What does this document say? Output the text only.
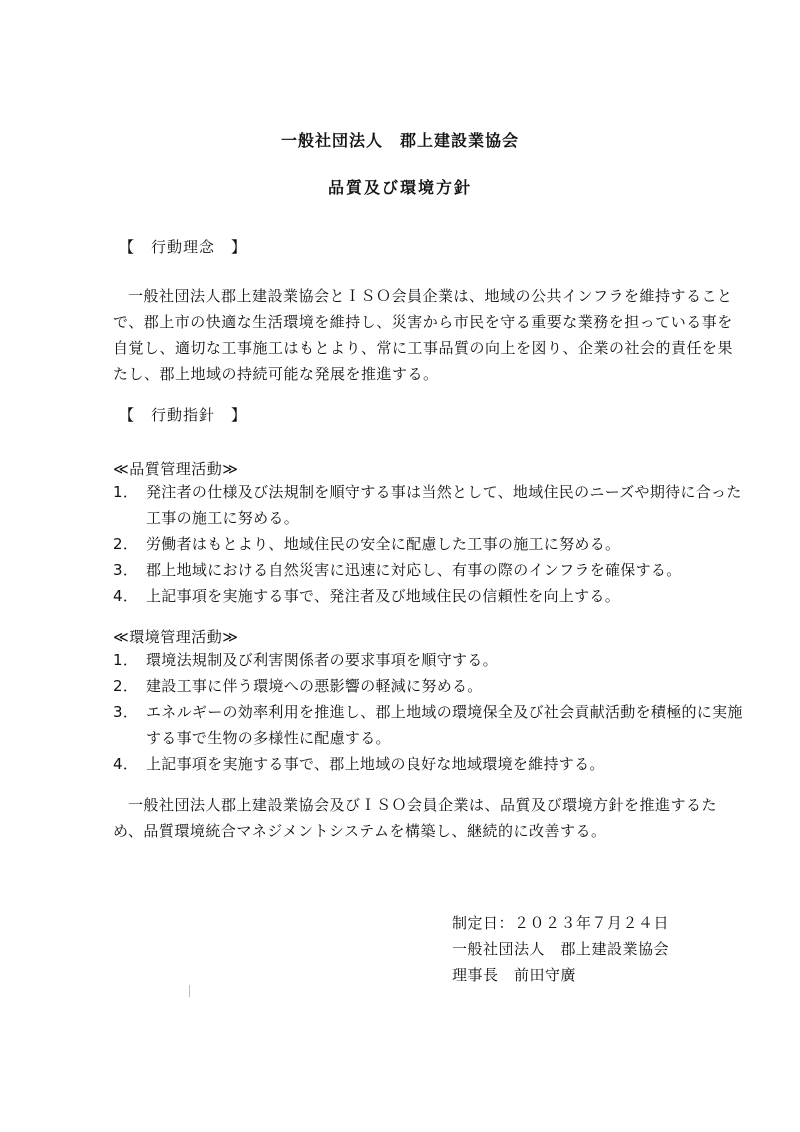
一般社団法人　郡上建設業協会
品質及び環境方針
【　行動理念　】

一般社団法人郡上建設業協会とＩＳＯ会員企業は、地域の公共インフラを維持することで、郡上市の快適な生活環境を維持し、災害から市民を守る重要な業務を担っている事を自覚し、適切な工事施工はもとより、常に工事品質の向上を図り、企業の社会的責任を果たし、郡上地域の持続可能な発展を推進する。

【　行動指針　】
≪品質管理活動≫
1． 発注者の仕様及び法規制を順守する事は当然として、地域住民のニーズや期待に合った工事の施工に努める。
2． 労働者はもとより、地域住民の安全に配慮した工事の施工に努める。
3． 郡上地域における自然災害に迅速に対応し、有事の際のインフラを確保する。
4． 上記事項を実施する事で、発注者及び地域住民の信頼性を向上する。
≪環境管理活動≫
1． 環境法規制及び利害関係者の要求事項を順守する。
2． 建設工事に伴う環境への悪影響の軽減に努める。
3． エネルギーの効率利用を推進し、郡上地域の環境保全及び社会貢献活動を積極的に実施する事で生物の多様性に配慮する。
4． 上記事項を実施する事で、郡上地域の良好な地域環境を維持する。

一般社団法人郡上建設業協会及びＩＳＯ会員企業は、品質及び環境方針を推進するため、品質環境統合マネジメントシステムを構築し、継続的に改善する。

制定日：２０２３年７月２４日
一般社団法人　郡上建設業協会
理事長　前田守廣
